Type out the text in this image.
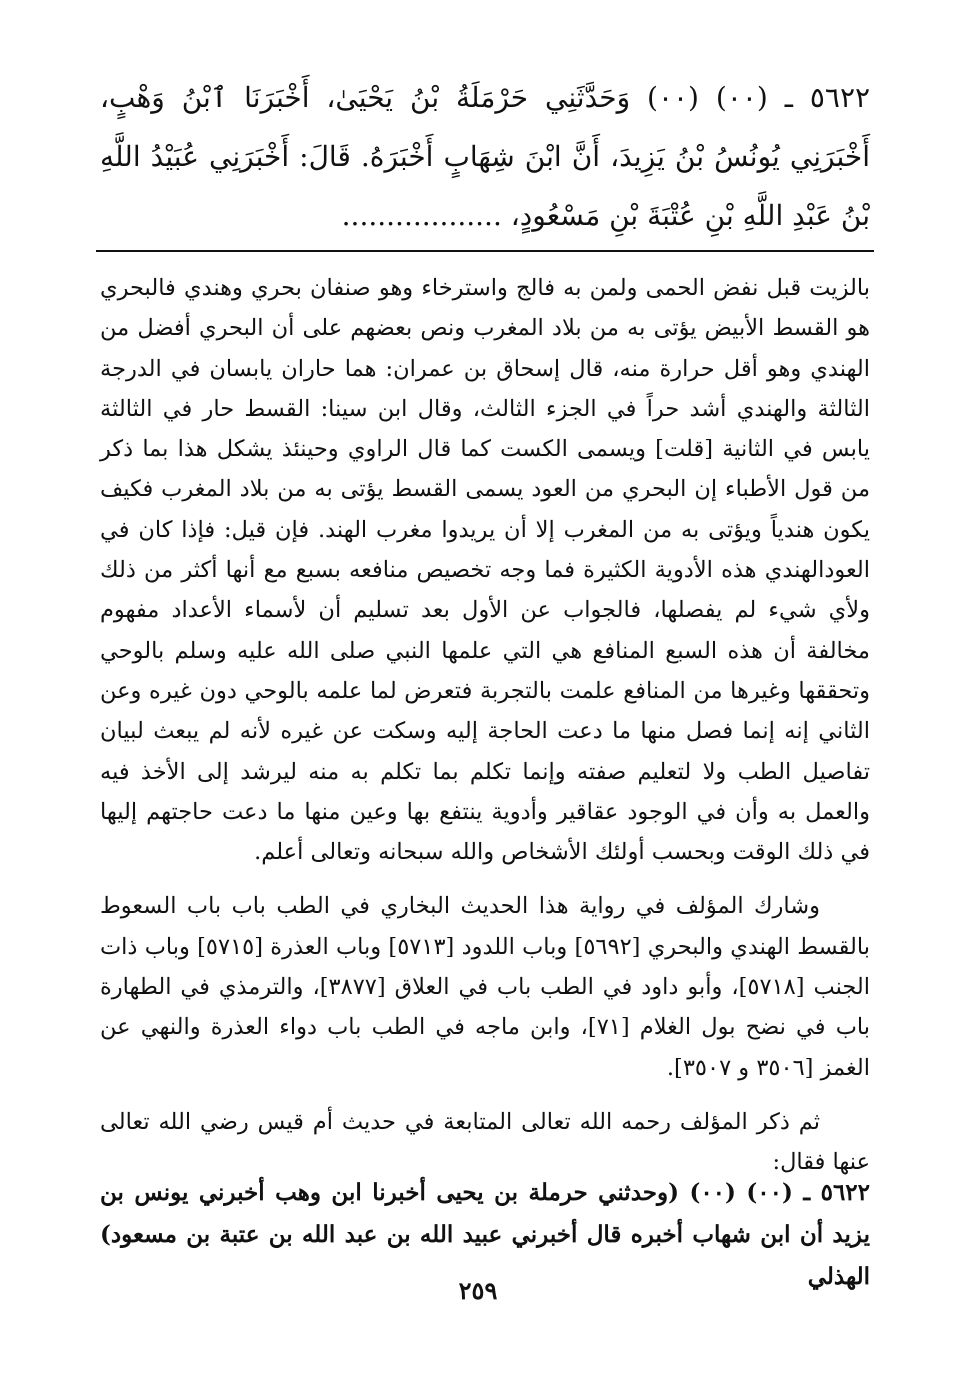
٥٦٢٢ ـ (٠٠) (٠٠) وَحَدَّثَنِي حَرْمَلَةُ بْنُ يَحْيَىٰ، أَخْبَرَنَا ٱبْنُ وَهْبٍ، أَخْبَرَنِي يُونُسُ بْنُ يَزِيدَ، أَنَّ ابْنَ شِهَابٍ أَخْبَرَهُ. قَالَ: أَخْبَرَنِي عُبَيْدُ اللَّهِ بْنُ عَبْدِ اللَّهِ بْنِ عُتْبَةَ بْنِ مَسْعُودٍ، ..................

بالزيت قبل نفض الحمى ولمن به فالج واسترخاء وهو صنفان بحري وهندي فالبحري هو القسط الأبيض يؤتى به من بلاد المغرب ونص بعضهم على أن البحري أفضل من الهندي وهو أقل حرارة منه، قال إسحاق بن عمران: هما حاران يابسان في الدرجة الثالثة والهندي أشد حراً في الجزء الثالث، وقال ابن سينا: القسط حار في الثالثة يابس في الثانية [قلت] ويسمى الكست كما قال الراوي وحينئذ يشكل هذا بما ذكر من قول الأطباء إن البحري من العود يسمى القسط يؤتى به من بلاد المغرب فكيف يكون هندياً ويؤتى به من المغرب إلا أن يريدوا مغرب الهند. فإن قيل: فإذا كان في العودالهندي هذه الأدوية الكثيرة فما وجه تخصيص منافعه بسبع مع أنها أكثر من ذلك ولأي شيء لم يفصلها، فالجواب عن الأول بعد تسليم أن لأسماء الأعداد مفهوم مخالفة أن هذه السبع المنافع هي التي علمها النبي صلى الله عليه وسلم بالوحي وتحققها وغيرها من المنافع علمت بالتجربة فتعرض لما علمه بالوحي دون غيره وعن الثاني إنه إنما فصل منها ما دعت الحاجة إليه وسكت عن غيره لأنه لم يبعث لبيان تفاصيل الطب ولا لتعليم صفته وإنما تكلم بما تكلم به منه ليرشد إلى الأخذ فيه والعمل به وأن في الوجود عقاقير وأدوية ينتفع بها وعين منها ما دعت حاجتهم إليها في ذلك الوقت وبحسب أولئك الأشخاص والله سبحانه وتعالى أعلم.

وشارك المؤلف في رواية هذا الحديث البخاري في الطب باب باب السعوط بالقسط الهندي والبحري [٥٦٩٢] وباب اللدود [٥٧١٣] وباب العذرة [٥٧١٥] وباب ذات الجنب [٥٧١٨]، وأبو داود في الطب باب في العلاق [٣٨٧٧]، والترمذي في الطهارة باب في نضح بول الغلام [٧١]، وابن ماجه في الطب باب دواء العذرة والنهي عن الغمز [٣٥٠٦ و ٣٥٠٧].

ثم ذكر المؤلف رحمه الله تعالى المتابعة في حديث أم قيس رضي الله تعالى عنها فقال:

٥٦٢٢ ـ (٠٠) (٠٠) (وحدثني حرملة بن يحيى أخبرنا ابن وهب أخبرني يونس بن يزيد أن ابن شهاب أخبره قال أخبرني عبيد الله بن عبد الله بن عتبة بن مسعود) الهذلي
٢٥٩
